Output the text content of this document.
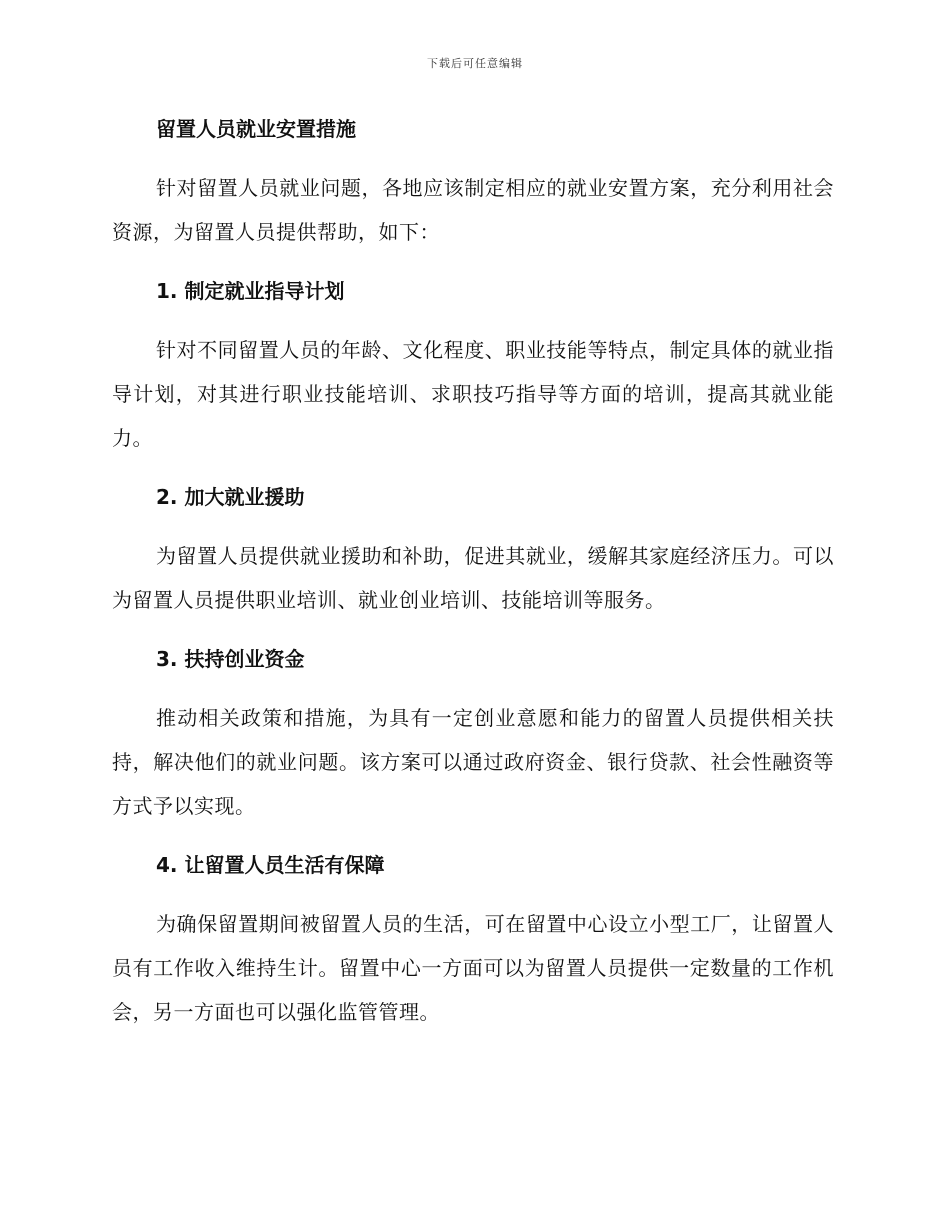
下载后可任意编辑
留置人员就业安置措施

针对留置人员就业问题，各地应该制定相应的就业安置方案，充分利用社会资源，为留置人员提供帮助，如下：

1. 制定就业指导计划

针对不同留置人员的年龄、文化程度、职业技能等特点，制定具体的就业指导计划，对其进行职业技能培训、求职技巧指导等方面的培训，提高其就业能力。

2. 加大就业援助

为留置人员提供就业援助和补助，促进其就业，缓解其家庭经济压力。可以为留置人员提供职业培训、就业创业培训、技能培训等服务。

3. 扶持创业资金

推动相关政策和措施，为具有一定创业意愿和能力的留置人员提供相关扶持，解决他们的就业问题。该方案可以通过政府资金、银行贷款、社会性融资等方式予以实现。

4. 让留置人员生活有保障

为确保留置期间被留置人员的生活，可在留置中心设立小型工厂，让留置人员有工作收入维持生计。留置中心一方面可以为留置人员提供一定数量的工作机会，另一方面也可以强化监管管理。
